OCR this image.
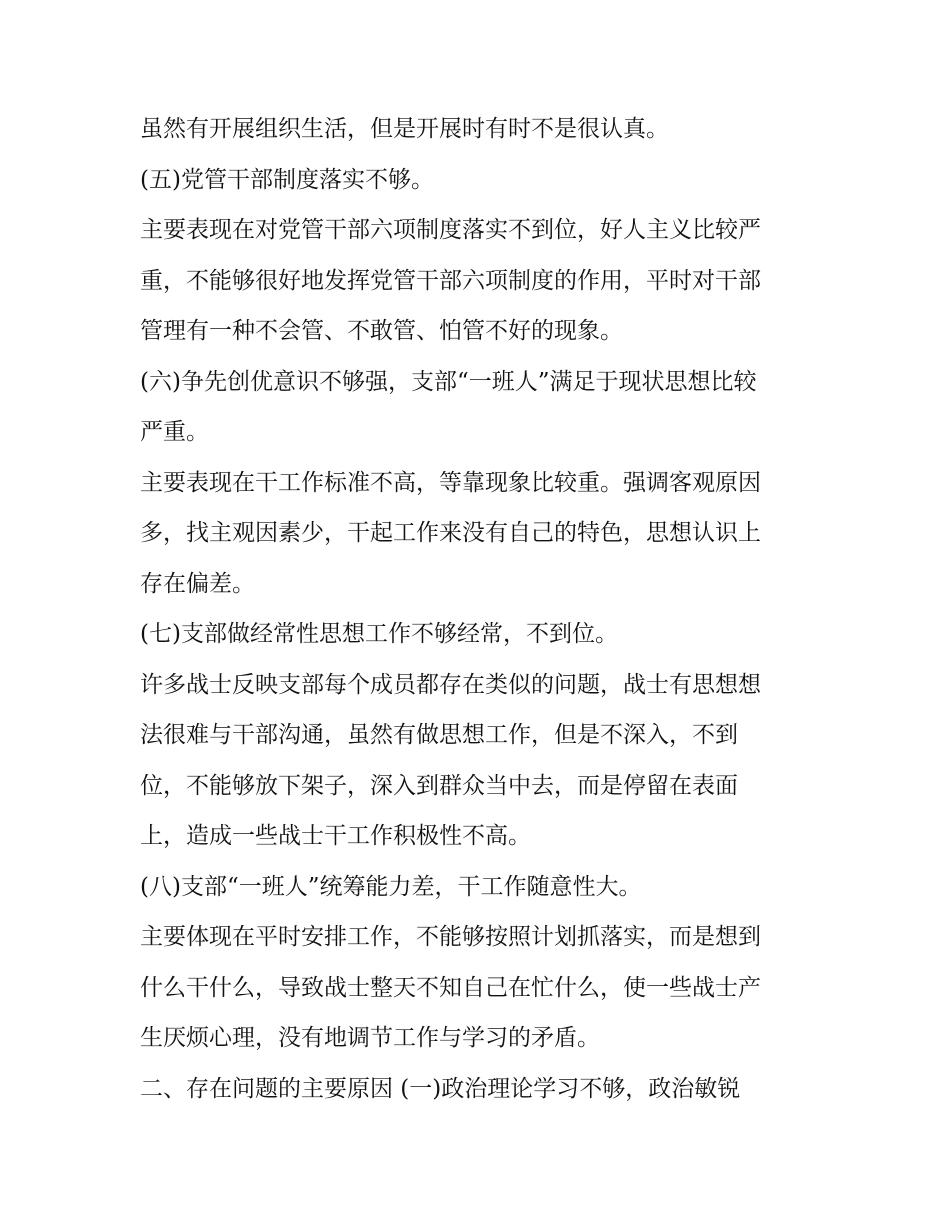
虽然有开展组织生活，但是开展时有时不是很认真。
(五)党管干部制度落实不够。
主要表现在对党管干部六项制度落实不到位，好人主义比较严
重，不能够很好地发挥党管干部六项制度的作用，平时对干部
管理有一种不会管、不敢管、怕管不好的现象。
(六)争先创优意识不够强，支部“一班人”满足于现状思想比较
严重。
主要表现在干工作标准不高，等靠现象比较重。强调客观原因
多，找主观因素少，干起工作来没有自己的特色，思想认识上
存在偏差。
(七)支部做经常性思想工作不够经常，不到位。
许多战士反映支部每个成员都存在类似的问题，战士有思想想
法很难与干部沟通，虽然有做思想工作，但是不深入，不到
位，不能够放下架子，深入到群众当中去，而是停留在表面
上，造成一些战士干工作积极性不高。
(八)支部“一班人”统筹能力差，干工作随意性大。
主要体现在平时安排工作，不能够按照计划抓落实，而是想到
什么干什么，导致战士整天不知自己在忙什么，使一些战士产
生厌烦心理，没有地调节工作与学习的矛盾。
二、存在问题的主要原因 (一)政治理论学习不够，政治敏锐
